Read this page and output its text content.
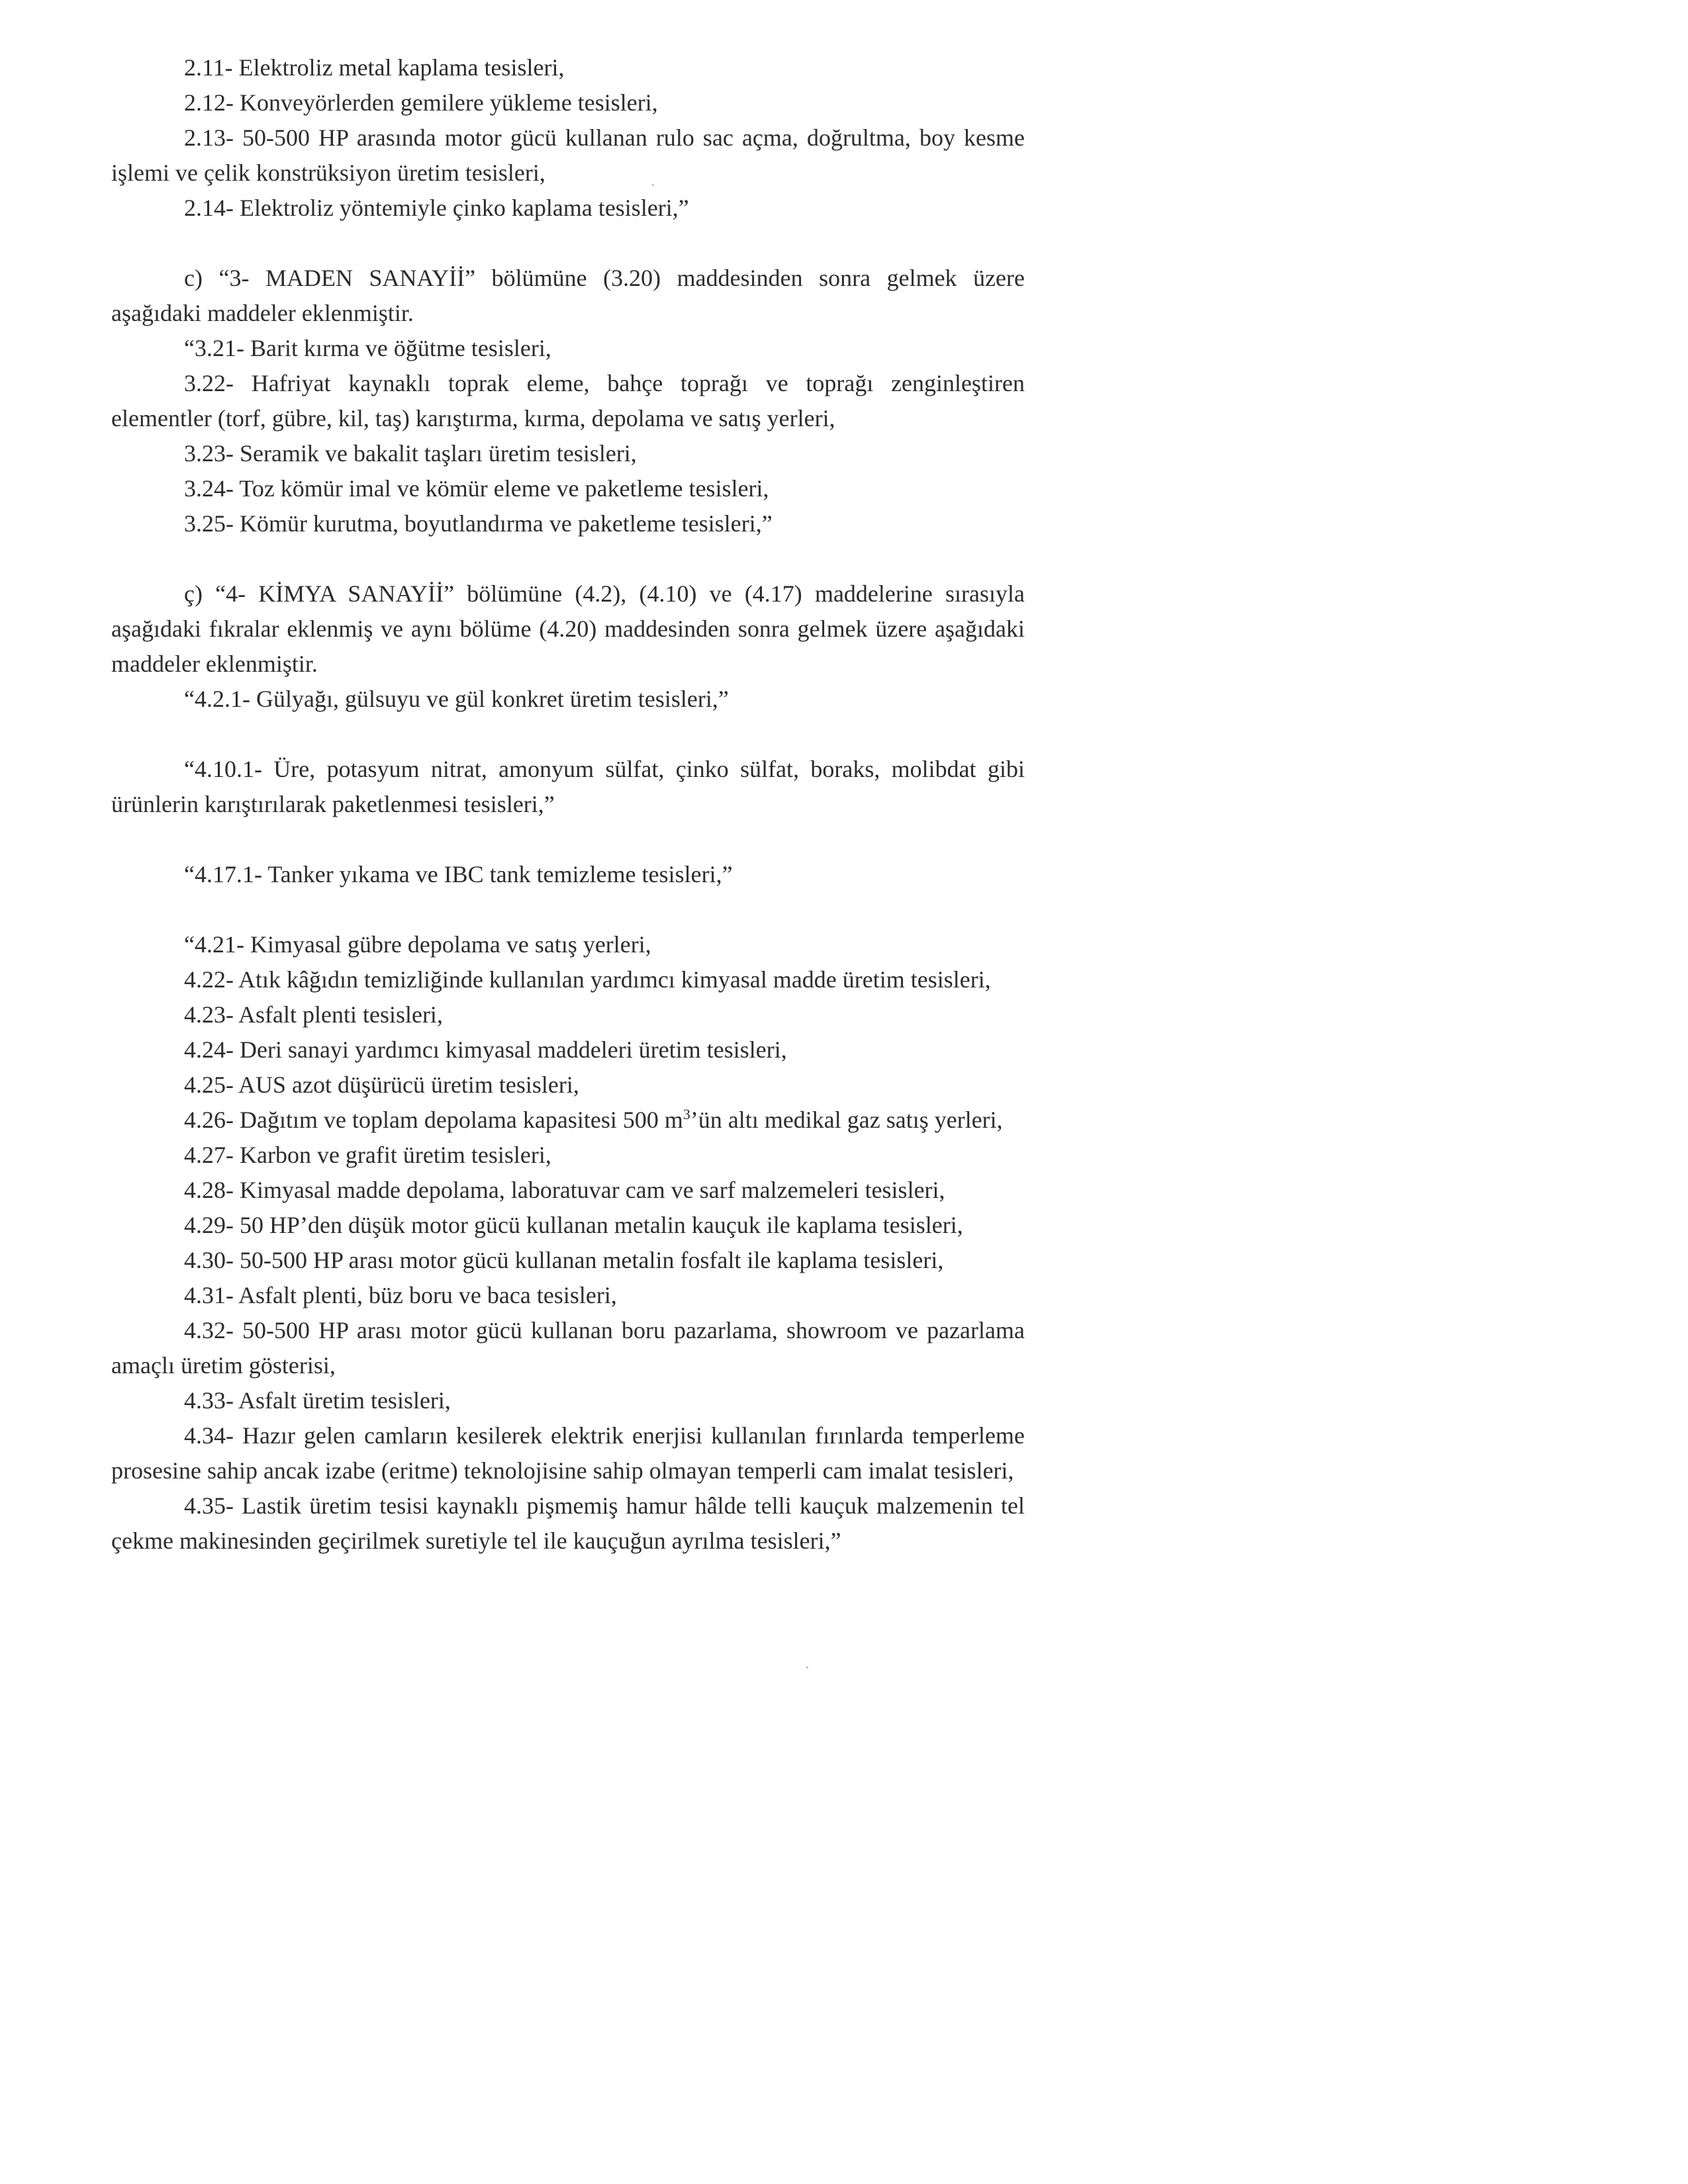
2.11- Elektroliz metal kaplama tesisleri,

2.12- Konveyörlerden gemilere yükleme tesisleri,

2.13- 50-500 HP arasında motor gücü kullanan rulo sac açma, doğrultma, boy kesme işlemi ve çelik konstrüksiyon üretim tesisleri,

2.14- Elektroliz yöntemiyle çinko kaplama tesisleri,”

c) “3- MADEN SANAYİİ” bölümüne (3.20) maddesinden sonra gelmek üzere aşağıdaki maddeler eklenmiştir.

“3.21- Barit kırma ve öğütme tesisleri,

3.22- Hafriyat kaynaklı toprak eleme, bahçe toprağı ve toprağı zenginleştiren elementler (torf, gübre, kil, taş) karıştırma, kırma, depolama ve satış yerleri,

3.23- Seramik ve bakalit taşları üretim tesisleri,

3.24- Toz kömür imal ve kömür eleme ve paketleme tesisleri,

3.25- Kömür kurutma, boyutlandırma ve paketleme tesisleri,”

ç) “4- KİMYA SANAYİİ” bölümüne (4.2), (4.10) ve (4.17) maddelerine sırasıyla aşağıdaki fıkralar eklenmiş ve aynı bölüme (4.20) maddesinden sonra gelmek üzere aşağıdaki maddeler eklenmiştir.

“4.2.1- Gülyağı, gülsuyu ve gül konkret üretim tesisleri,”

“4.10.1- Üre, potasyum nitrat, amonyum sülfat, çinko sülfat, boraks, molibdat gibi ürünlerin karıştırılarak paketlenmesi tesisleri,”

“4.17.1- Tanker yıkama ve IBC tank temizleme tesisleri,”

“4.21- Kimyasal gübre depolama ve satış yerleri,

4.22- Atık kâğıdın temizliğinde kullanılan yardımcı kimyasal madde üretim tesisleri,

4.23- Asfalt plenti tesisleri,

4.24- Deri sanayi yardımcı kimyasal maddeleri üretim tesisleri,

4.25- AUS azot düşürücü üretim tesisleri,

4.26- Dağıtım ve toplam depolama kapasitesi 500 $m^3’ün$ altı medikal gaz satış yerleri,

4.27- Karbon ve grafit üretim tesisleri,

4.28- Kimyasal madde depolama, laboratuvar cam ve sarf malzemeleri tesisleri,

4.29- 50 HP’den düşük motor gücü kullanan metalin kauçuk ile kaplama tesisleri,

4.30- 50-500 HP arası motor gücü kullanan metalin fosfalt ile kaplama tesisleri,

4.31- Asfalt plenti, büz boru ve baca tesisleri,

4.32- 50-500 HP arası motor gücü kullanan boru pazarlama, showroom ve pazarlama amaçlı üretim gösterisi,

4.33- Asfalt üretim tesisleri,

4.34- Hazır gelen camların kesilerek elektrik enerjisi kullanılan fırınlarda temperleme prosesine sahip ancak izabe (eritme) teknolojisine sahip olmayan temperli cam imalat tesisleri,

4.35- Lastik üretim tesisi kaynaklı pişmemiş hamur hâlde telli kauçuk malzemenin tel çekme makinesinden geçirilmek suretiyle tel ile kauçuğun ayrılma tesisleri,”
